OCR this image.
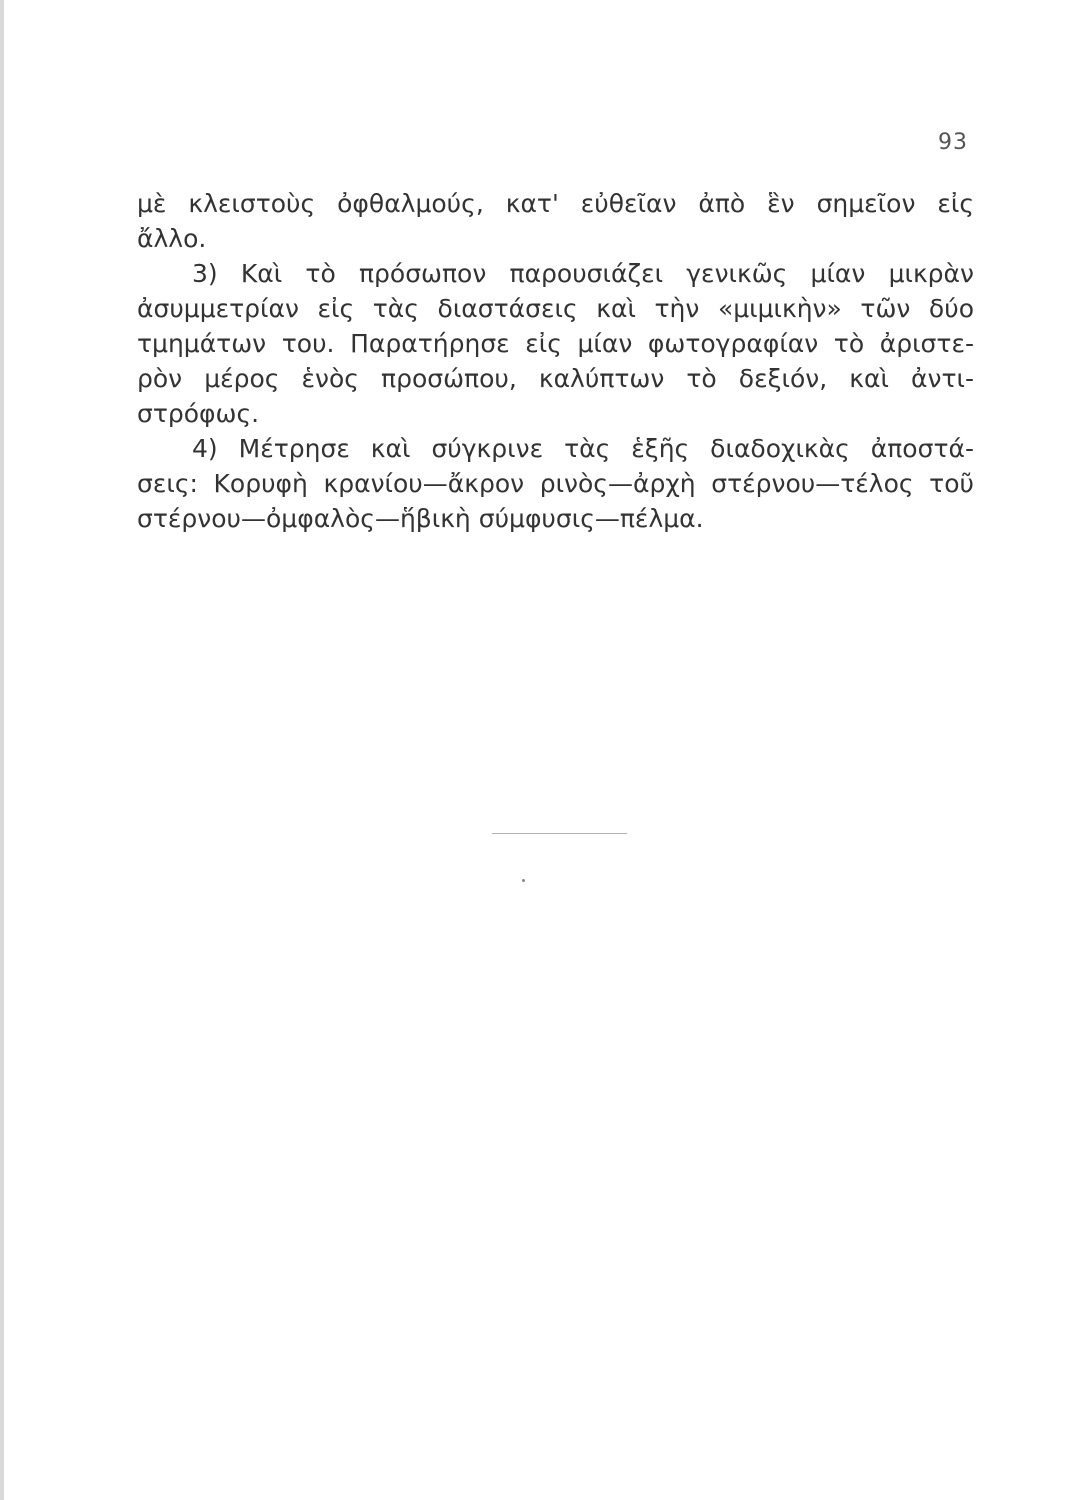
93
μὲ κλειστοὺς ὀφθαλμούς, κατ' εὐθεῖαν ἀπὸ ἓν σημεῖον εἰς
ἄλλο.
3) Καὶ τὸ πρόσωπον παρουσιάζει γενικῶς μίαν μικρὰν
ἀσυμμετρίαν εἰς τὰς διαστάσεις καὶ τὴν «μιμικὴν» τῶν δύο
τμημάτων του. Παρατήρησε εἰς μίαν φωτογραφίαν τὸ ἀριστε-
ρὸν μέρος ἑνὸς προσώπου, καλύπτων τὸ δεξιόν, καὶ ἀντι-
στρόφως.
4) Μέτρησε καὶ σύγκρινε τὰς ἑξῆς διαδοχικὰς ἀποστά-
σεις: Κορυφὴ κρανίου—ἄκρον ρινὸς—ἀρχὴ στέρνου—τέλος τοῦ
στέρνου—ὀμφαλὸς—ἥβικὴ σύμφυσις—πέλμα.
